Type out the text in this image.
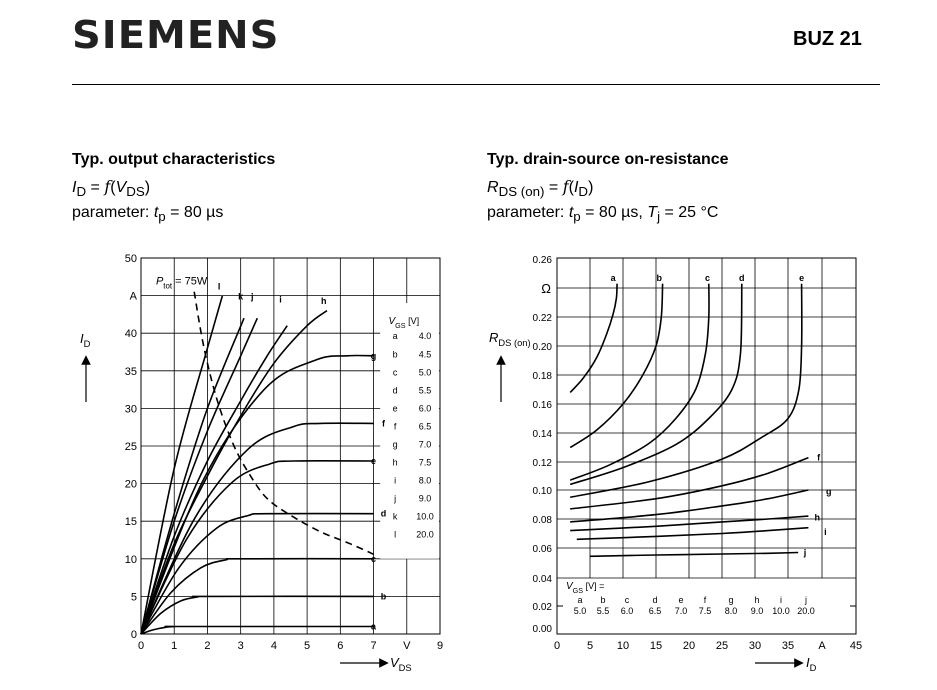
SIEMENS	BUZ 21
Typ. output characteristics
$I_D = f(V_{DS})$
parameter: $t_p = 80$ µs
Typ. drain-source on-resistance
$R_{DS (on)} = f(I_D)$
parameter: $t_p = 80$ µs, $T_j = 25$ °C
0 1 2 3 4 5 6 7	9
V
0
5
10
15
20
25
30
35
40
50
A
$I_D$
$V_{DS}$
$P_{tot} = 75W$
a
b
c
d
e
f
g
h
i
j
k
l
$V_{GS}$ [V]
a 4.0
b 4.5
c 5.0
d 5.5
e 6.0
f 6.5
g 7.0
h 7.5
i	8.0
j	9.0
k 10.0
l 20.0
0 5 10 15 20 25 30 35	45
A
0.00
0.02
0.04
0.06
0.08
0.10
0.12
0.14
0.16
0.18
0.20
0.22
0.26
Ω
$R_{DS (on)}$
$I_D$
a	b	c	d	e
f
g
h
i
j
$V_{GS}$ [V] =
a
5.0
b
5.5
c
6.0
d
6.5
e
7.0
f
7.5
g
8.0
h
9.0
i
10.0
j
20.0
